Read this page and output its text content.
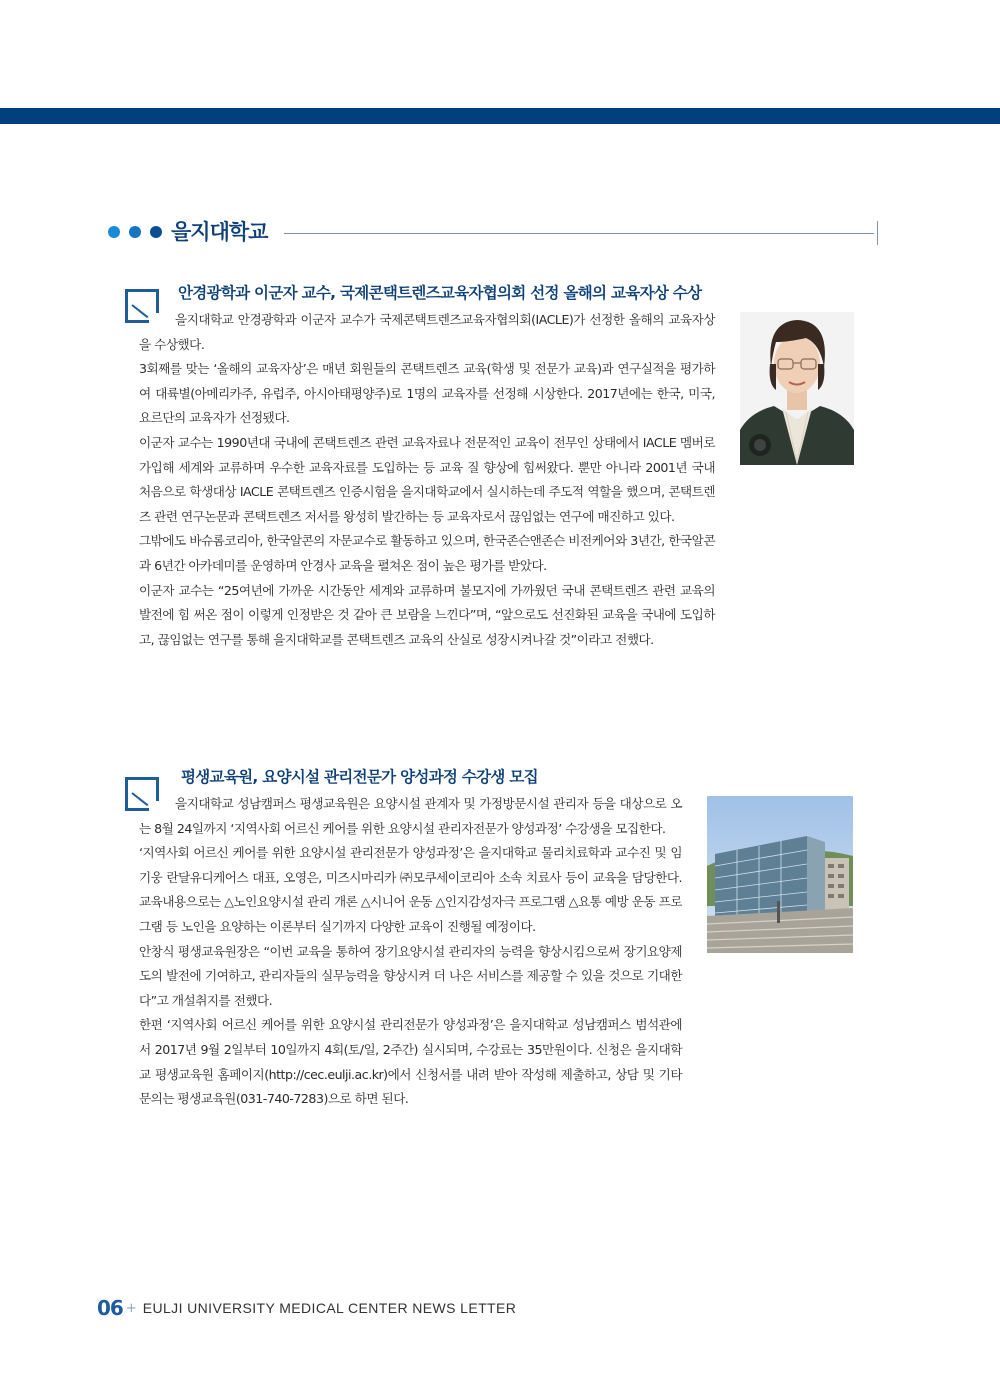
을지대학교
안경광학과 이군자 교수, 국제콘택트렌즈교육자협의회 선정 올해의 교육자상 수상

을지대학교 안경광학과 이군자 교수가 국제콘택트렌즈교육자협의회(IACLE)가 선정한 올해의 교육자상을 수상했다.

3회째를 맞는 ‘올해의 교육자상’은 매년 회원들의 콘택트렌즈 교육(학생 및 전문가 교육)과 연구실적을 평가하여 대륙별(아메리카주, 유럽주, 아시아태평양주)로 1명의 교육자를 선정해 시상한다. 2017년에는 한국, 미국, 요르단의 교육자가 선정됐다.

이군자 교수는 1990년대 국내에 콘택트렌즈 관련 교육자료나 전문적인 교육이 전무인 상태에서 IACLE 멤버로 가입해 세계와 교류하며 우수한 교육자료를 도입하는 등 교육 질 향상에 힘써왔다. 뿐만 아니라 2001년 국내 처음으로 학생대상 IACLE 콘택트렌즈 인증시험을 을지대학교에서 실시하는데 주도적 역할을 했으며, 콘택트렌즈 관련 연구논문과 콘택트렌즈 저서를 왕성히 발간하는 등 교육자로서 끊임없는 연구에 매진하고 있다.

그밖에도 바슈롬코리아, 한국알콘의 자문교수로 활동하고 있으며, 한국존슨앤존슨 비전케어와 3년간, 한국알콘과 6년간 아카데미를 운영하며 안경사 교육을 펼쳐온 점이 높은 평가를 받았다.

이군자 교수는 “25여년에 가까운 시간동안 세계와 교류하며 불모지에 가까웠던 국내 콘택트렌즈 관련 교육의 발전에 힘 써온 점이 이렇게 인정받은 것 같아 큰 보람을 느낀다”며, “앞으로도 선진화된 교육을 국내에 도입하고, 끊임없는 연구를 통해 을지대학교를 콘택트렌즈 교육의 산실로 성장시켜나갈 것”이라고 전했다.

평생교육원, 요양시설 관리전문가 양성과정 수강생 모집

을지대학교 성남캠퍼스 평생교육원은 요양시설 관계자 및 가정방문시설 관리자 등을 대상으로 오는 8월 24일까지 ‘지역사회 어르신 케어를 위한 요양시설 관리자전문가 양성과정’ 수강생을 모집한다.

‘지역사회 어르신 케어를 위한 요양시설 관리전문가 양성과정’은 을지대학교 물리치료학과 교수진 및 임기웅 란달유디케어스 대표, 오영은, 미즈시마리카 ㈜모쿠세이코리아 소속 치료사 등이 교육을 담당한다. 교육내용으로는 △노인요양시설 관리 개론 △시니어 운동 △인지감성자극 프로그램 △요통 예방 운동 프로그램 등 노인을 요양하는 이론부터 실기까지 다양한 교육이 진행될 예정이다.

안창식 평생교육원장은 “이번 교육을 통하여 장기요양시설 관리자의 능력을 향상시킴으로써 장기요양제도의 발전에 기여하고, 관리자들의 실무능력을 향상시켜 더 나은 서비스를 제공할 수 있을 것으로 기대한다”고 개설취지를 전했다.

한편 ‘지역사회 어르신 케어를 위한 요양시설 관리전문가 양성과정’은 을지대학교 성남캠퍼스 범석관에서 2017년 9월 2일부터 10일까지 4회(토/일, 2주간) 실시되며, 수강료는 35만원이다. 신청은 을지대학교 평생교육원 홈페이지(http://cec.eulji.ac.kr)에서 신청서를 내려 받아 작성해 제출하고, 상담 및 기타문의는 평생교육원(031-740-7283)으로 하면 된다.

06 + EULJI UNIVERSITY MEDICAL CENTER NEWS LETTER
